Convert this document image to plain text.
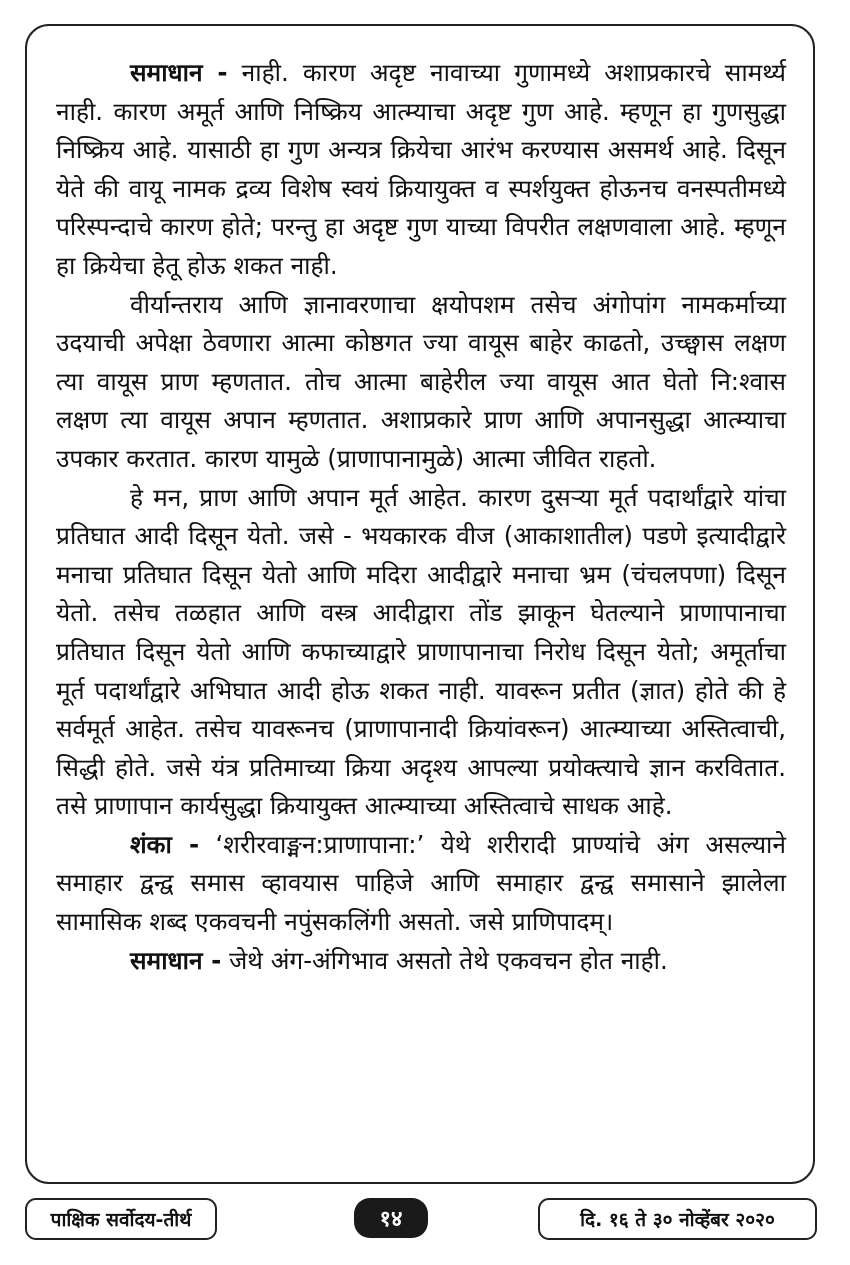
समाधान - नाही. कारण अदृष्ट नावाच्या गुणामध्ये अशाप्रकारचे सामर्थ्य नाही. कारण अमूर्त आणि निष्क्रिय आत्म्याचा अदृष्ट गुण आहे. म्हणून हा गुणसुद्धा निष्क्रिय आहे. यासाठी हा गुण अन्यत्र क्रियेचा आरंभ करण्यास असमर्थ आहे. दिसून येते की वायू नामक द्रव्य विशेष स्वयं क्रियायुक्त व स्पर्शयुक्त होऊनच वनस्पतीमध्ये परिस्पन्दाचे कारण होते; परन्तु हा अदृष्ट गुण याच्या विपरीत लक्षणवाला आहे. म्हणून हा क्रियेचा हेतू होऊ शकत नाही.

वीर्यान्तराय आणि ज्ञानावरणाचा क्षयोपशम तसेच अंगोपांग नामकर्माच्या उदयाची अपेक्षा ठेवणारा आत्मा कोष्ठगत ज्या वायूस बाहेर काढतो, उच्छ्वास लक्षण त्या वायूस प्राण म्हणतात. तोच आत्मा बाहेरील ज्या वायूस आत घेतो नि:श्वास लक्षण त्या वायूस अपान म्हणतात. अशाप्रकारे प्राण आणि अपानसुद्धा आत्म्याचा उपकार करतात. कारण यामुळे (प्राणापानामुळे) आत्मा जीवित राहतो.

हे मन, प्राण आणि अपान मूर्त आहेत. कारण दुसऱ्या मूर्त पदार्थांद्वारे यांचा प्रतिघात आदी दिसून येतो. जसे - भयकारक वीज (आकाशातील) पडणे इत्यादीद्वारे मनाचा प्रतिघात दिसून येतो आणि मदिरा आदीद्वारे मनाचा भ्रम (चंचलपणा) दिसून येतो. तसेच तळहात आणि वस्त्र आदीद्वारा तोंड झाकून घेतल्याने प्राणापानाचा प्रतिघात दिसून येतो आणि कफाच्याद्वारे प्राणापानाचा निरोध दिसून येतो; अमूर्ताचा मूर्त पदार्थांद्वारे अभिघात आदी होऊ शकत नाही. यावरून प्रतीत (ज्ञात) होते की हे सर्वमूर्त आहेत. तसेच यावरूनच (प्राणापानादी क्रियांवरून) आत्म्याच्या अस्तित्वाची, सिद्धी होते. जसे यंत्र प्रतिमाच्या क्रिया अदृश्य आपल्या प्रयोक्त्याचे ज्ञान करवितात. तसे प्राणापान कार्यसुद्धा क्रियायुक्त आत्म्याच्या अस्तित्वाचे साधक आहे.

शंका - ‘शरीरवाङ्मन:प्राणापाना:’ येथे शरीरादी प्राण्यांचे अंग असल्याने समाहार द्वन्द्व समास व्हावयास पाहिजे आणि समाहार द्वन्द्व समासाने झालेला सामासिक शब्द एकवचनी नपुंसकलिंगी असतो. जसे प्राणिपादम्।

समाधान - जेथे अंग-अंगिभाव असतो तेथे एकवचन होत नाही.

पाक्षिक सर्वोदय-तीर्थ	१४	दि. १६ ते ३० नोव्हेंबर २०२०
